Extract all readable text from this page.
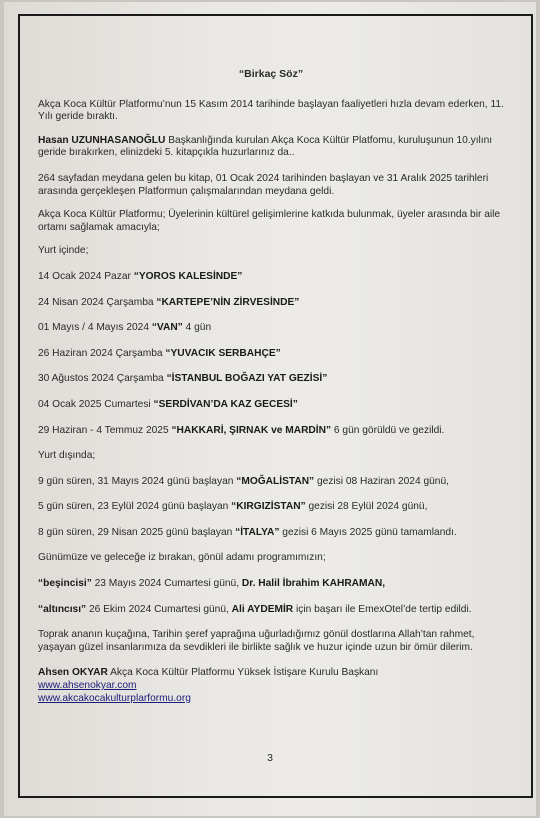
“Birkaç Söz”

Akça Koca Kültür Platformu’nun 15 Kasım 2014 tarihinde başlayan faaliyetleri hızla devam ederken, 11. Yılı geride bıraktı.

Hasan UZUNHASANOĞLU Başkanlığında kurulan Akça Koca Kültür Platfomu, kuruluşunun 10.yılını geride bırakırken, elinizdeki 5. kitapçıkla huzurlarınız da..

264 sayfadan meydana gelen bu kitap, 01 Ocak 2024 tarihinden başlayan ve 31 Aralık 2025 tarihleri arasında gerçekleşen Platformun çalışmalarından meydana geldi.

Akça Koca Kültür Platformu; Üyelerinin kültürel gelişimlerine katkıda bulunmak, üyeler arasında bir aile ortamı sağlamak amacıyla;

Yurt içinde;

14 Ocak 2024 Pazar “YOROS KALESİNDE”

24 Nisan 2024 Çarşamba “KARTEPE’NİN ZİRVESİNDE”

01 Mayıs / 4 Mayıs 2024 “VAN” 4 gün

26 Haziran 2024 Çarşamba “YUVACIK SERBAHÇE”

30 Ağustos 2024 Çarşamba “İSTANBUL BOĞAZI YAT GEZİSİ”

04 Ocak 2025 Cumartesi “SERDİVAN’DA KAZ GECESİ”

29 Haziran - 4 Temmuz 2025 “HAKKARİ, ŞIRNAK ve MARDİN” 6 gün görüldü ve gezildi.

Yurt dışında;

9 gün süren, 31 Mayıs 2024 günü başlayan “MOĞALİSTAN” gezisi 08 Haziran 2024 günü,

5 gün süren, 23 Eylül 2024 günü başlayan “KIRGIZİSTAN” gezisi 28 Eylül 2024 günü,

8 gün süren, 29 Nisan 2025 günü başlayan “İTALYA” gezisi 6 Mayıs 2025 günü tamamlandı.

Günümüze ve geleceğe iz bırakan, gönül adamı programımızın;

“beşincisi” 23 Mayıs 2024 Cumartesi günü, Dr. Halil İbrahim KAHRAMAN,

“altıncısı” 26 Ekim 2024 Cumartesi günü, Ali AYDEMİR için başarı ile EmexOtel’de tertip edildi.

Toprak ananın kuçağına, Tarihin şeref yaprağına uğurladığımız gönül dostlarına Allah’tan rahmet, yaşayan güzel insanlarımıza da sevdikleri ile birlikte sağlık ve huzur içinde uzun bir ömür dilerim.

Ahsen OKYAR Akça Koca Kültür Platformu Yüksek İstişare Kurulu Başkanı

www.ahsenokyar.com
www.akcakocakulturplarformu.org
3
